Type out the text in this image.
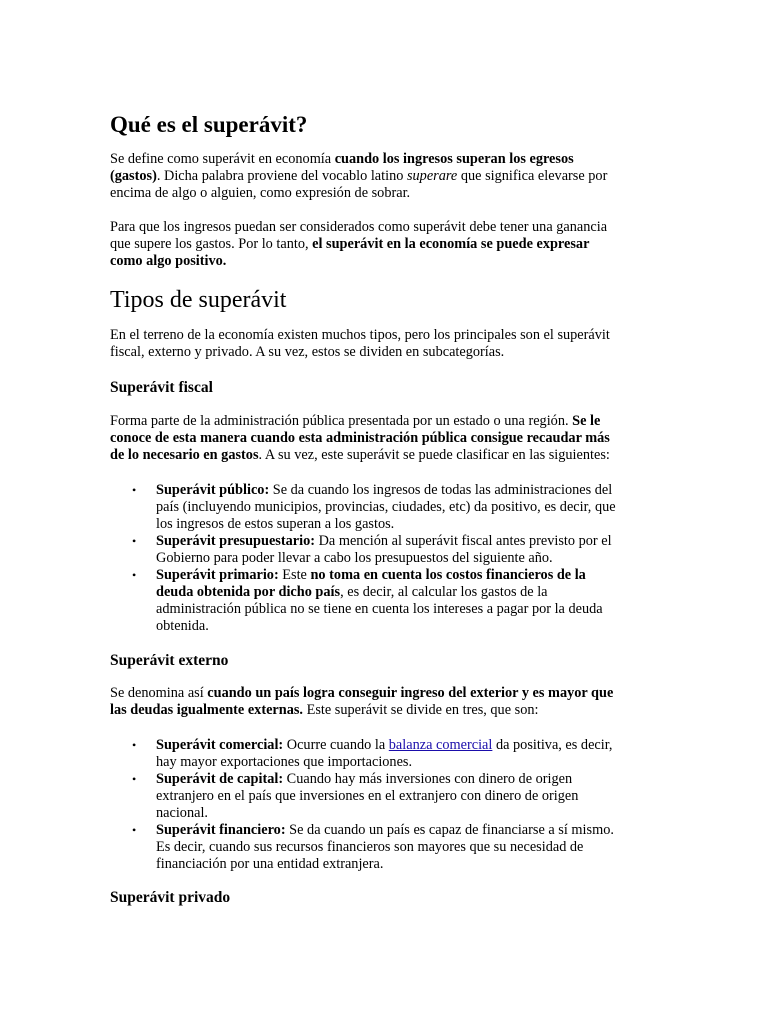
Qué es el superávit?
Se define como superávit en economía cuando los ingresos superan los egresos
(gastos). Dicha palabra proviene del vocablo latino superare que significa elevarse por
encima de algo o alguien, como expresión de sobrar.
Para que los ingresos puedan ser considerados como superávit debe tener una ganancia
que supere los gastos. Por lo tanto, el superávit en la economía se puede expresar
como algo positivo.
Tipos de superávit
En el terreno de la economía existen muchos tipos, pero los principales son el superávit
fiscal, externo y privado. A su vez, estos se dividen en subcategorías.
Superávit fiscal
Forma parte de la administración pública presentada por un estado o una región. Se le
conoce de esta manera cuando esta administración pública consigue recaudar más
de lo necesario en gastos. A su vez, este superávit se puede clasificar en las siguientes:
• Superávit público: Se da cuando los ingresos de todas las administraciones del
país (incluyendo municipios, provincias, ciudades, etc) da positivo, es decir, que
los ingresos de estos superan a los gastos.
• Superávit presupuestario: Da mención al superávit fiscal antes previsto por el
Gobierno para poder llevar a cabo los presupuestos del siguiente año.
• Superávit primario: Este no toma en cuenta los costos financieros de la
deuda obtenida por dicho país, es decir, al calcular los gastos de la
administración pública no se tiene en cuenta los intereses a pagar por la deuda
obtenida.
Superávit externo
Se denomina así cuando un país logra conseguir ingreso del exterior y es mayor que
las deudas igualmente externas. Este superávit se divide en tres, que son:
• Superávit comercial: Ocurre cuando la balanza comercial da positiva, es decir,
hay mayor exportaciones que importaciones.
• Superávit de capital: Cuando hay más inversiones con dinero de origen
extranjero en el país que inversiones en el extranjero con dinero de origen
nacional.
• Superávit financiero: Se da cuando un país es capaz de financiarse a sí mismo.
Es decir, cuando sus recursos financieros son mayores que su necesidad de
financiación por una entidad extranjera.
Superávit privado
